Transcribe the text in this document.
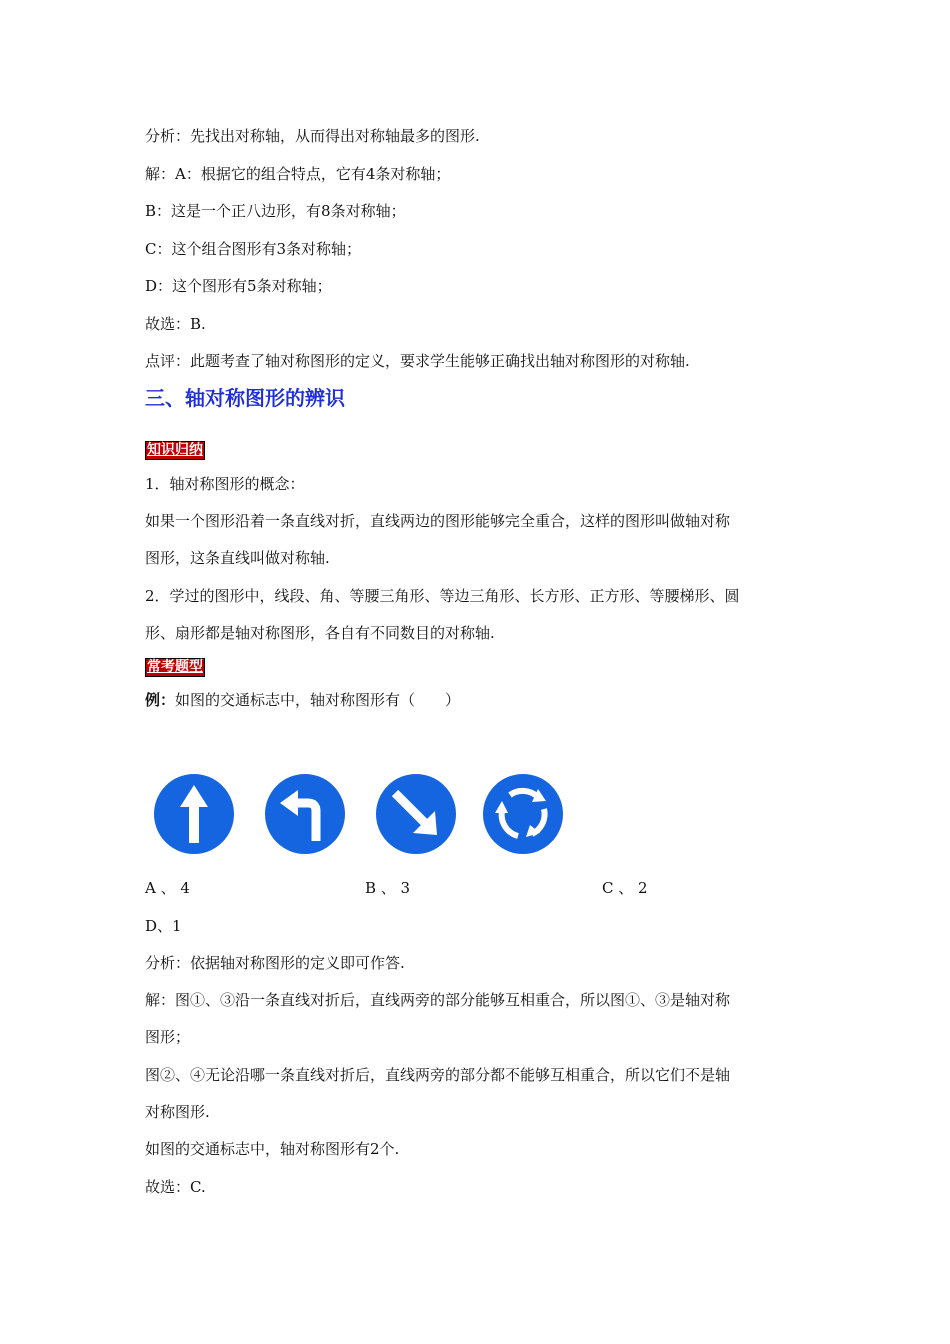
分析：先找出对称轴，从而得出对称轴最多的图形.
解：A：根据它的组合特点，它有4条对称轴；
B：这是一个正八边形，有8条对称轴；
C：这个组合图形有3条对称轴；
D：这个图形有5条对称轴；
故选：B.
点评：此题考查了轴对称图形的定义，要求学生能够正确找出轴对称图形的对称轴.
三、轴对称图形的辨识
知识归纳
1．轴对称图形的概念：
如果一个图形沿着一条直线对折，直线两边的图形能够完全重合，这样的图形叫做轴对称
图形，这条直线叫做对称轴.
2．学过的图形中，线段、角、等腰三角形、等边三角形、长方形、正方形、等腰梯形、圆
形、扇形都是轴对称图形，各自有不同数目的对称轴.
常考题型
例：如图的交通标志中，轴对称图形有（　　）
A 、 4	B 、 3	C 、 2
D、1
分析：依据轴对称图形的定义即可作答.
解：图①、③沿一条直线对折后，直线两旁的部分能够互相重合，所以图①、③是轴对称
图形；
图②、④无论沿哪一条直线对折后，直线两旁的部分都不能够互相重合，所以它们不是轴
对称图形.
如图的交通标志中，轴对称图形有2个.
故选：C.
